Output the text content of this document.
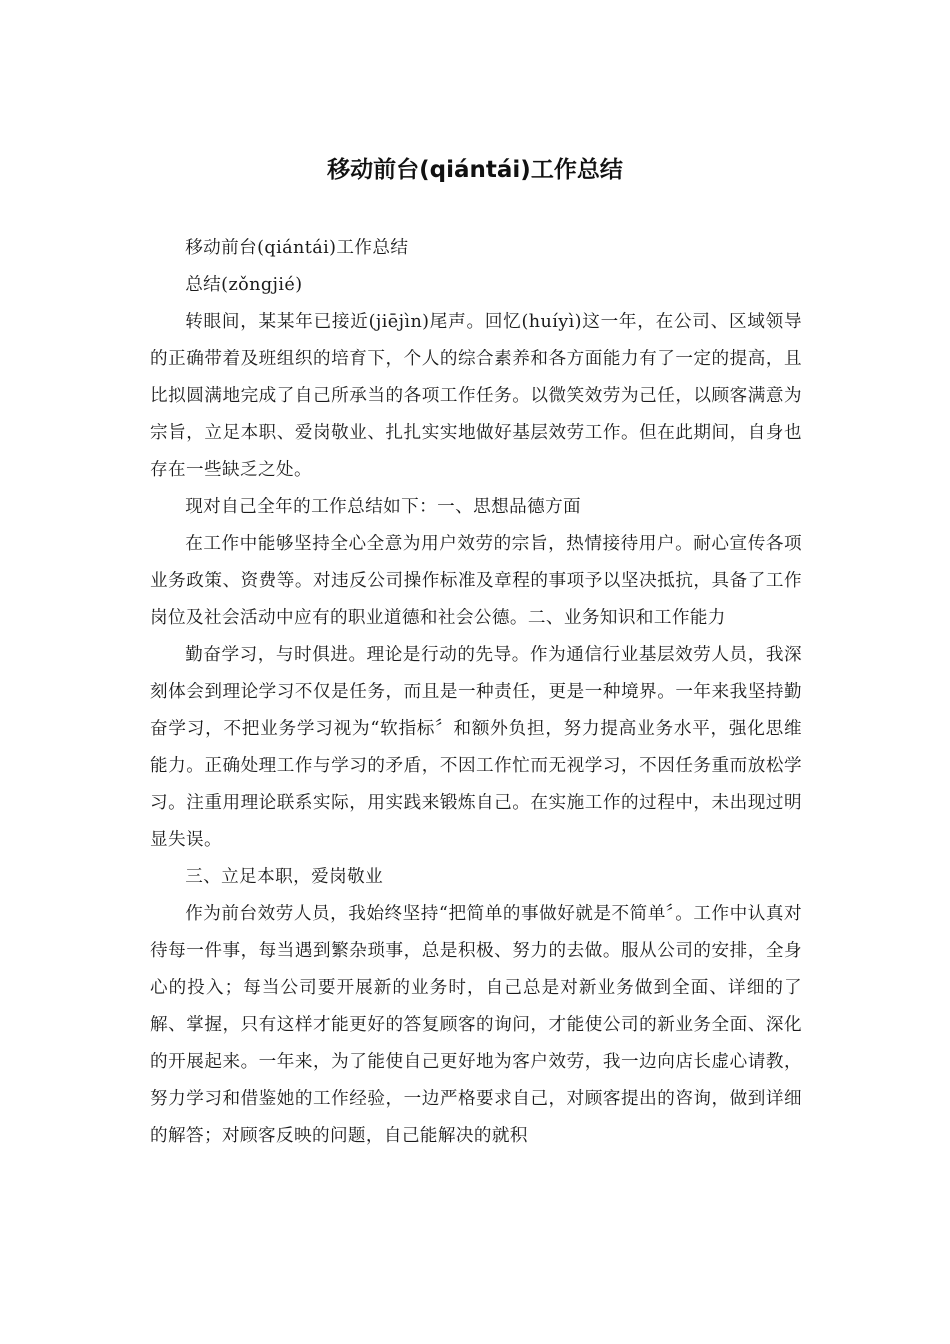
移动前台(qiántái)工作总结

移动前台(qiántái)工作总结

总结(zǒngjié)

转眼间，某某年已接近(jiējìn)尾声。回忆(huíyì)这一年，在公司、区域领导的正确带着及班组织的培育下，个人的综合素养和各方面能力有了一定的提高，且比拟圆满地完成了自己所承当的各项工作任务。以微笑效劳为己任，以顾客满意为宗旨，立足本职、爱岗敬业、扎扎实实地做好基层效劳工作。但在此期间，自身也存在一些缺乏之处。

现对自己全年的工作总结如下：一、思想品德方面

在工作中能够坚持全心全意为用户效劳的宗旨，热情接待用户。耐心宣传各项业务政策、资费等。对违反公司操作标准及章程的事项予以坚决抵抗，具备了工作岗位及社会活动中应有的职业道德和社会公德。二、业务知识和工作能力

勤奋学习，与时俱进。理论是行动的先导。作为通信行业基层效劳人员，我深刻体会到理论学习不仅是任务，而且是一种责任，更是一种境界。一年来我坚持勤奋学习，不把业务学习视为“软指标〞和额外负担，努力提高业务水平，强化思维能力。正确处理工作与学习的矛盾，不因工作忙而无视学习，不因任务重而放松学习。注重用理论联系实际，用实践来锻炼自己。在实施工作的过程中，未出现过明显失误。

三、立足本职，爱岗敬业

作为前台效劳人员，我始终坚持“把简单的事做好就是不简单〞。工作中认真对待每一件事，每当遇到繁杂琐事，总是积极、努力的去做。服从公司的安排，全身心的投入；每当公司要开展新的业务时，自己总是对新业务做到全面、详细的了解、掌握，只有这样才能更好的答复顾客的询问，才能使公司的新业务全面、深化的开展起来。一年来，为了能使自己更好地为客户效劳，我一边向店长虚心请教，努力学习和借鉴她的工作经验，一边严格要求自己，对顾客提出的咨询，做到详细的解答；对顾客反映的问题，自己能解决的就积
